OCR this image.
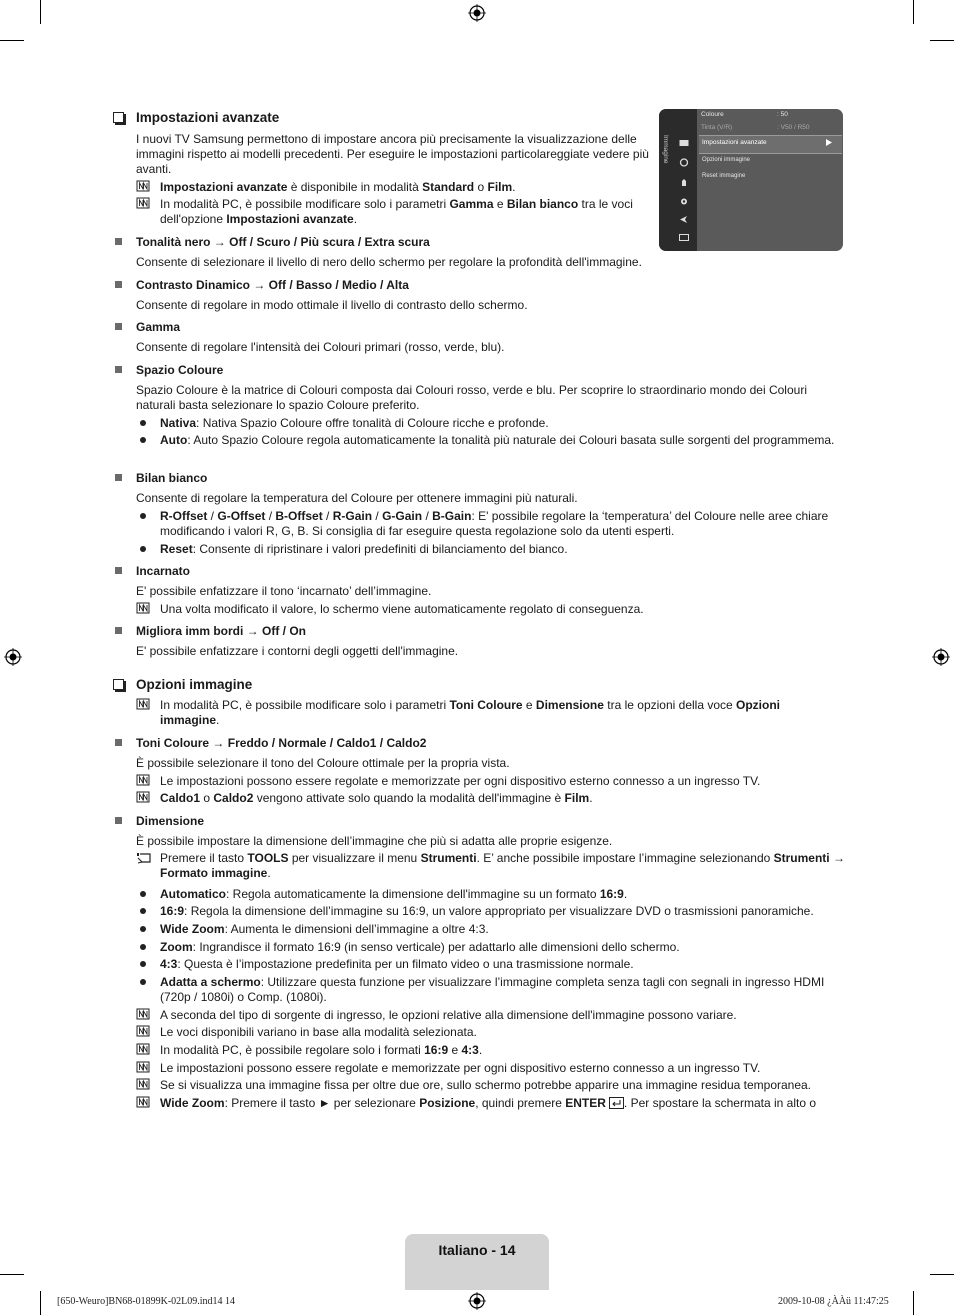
Immagine
Coloure	: 50
Tinta (V/R)	: V50 / R50
Impostazioni avanzate
Opzioni immagine
Reset immagine
Impostazioni avanzate
I nuovi TV Samsung permettono di impostare ancora più precisamente la visualizzazione delle immagini rispetto ai modelli precedenti. Per eseguire le impostazioni particolareggiate vedere più avanti.
Impostazioni avanzate è disponibile in modalità Standard o Film.
In modalità PC, è possibile modificare solo i parametri Gamma e Bilan bianco tra le voci dell'opzione Impostazioni avanzate.
Tonalità nero → Off / Scuro / Più scura / Extra scura
Consente di selezionare il livello di nero dello schermo per regolare la profondità dell'immagine.
Contrasto Dinamico → Off / Basso / Medio / Alta
Consente di regolare in modo ottimale il livello di contrasto dello schermo.
Gamma
Consente di regolare l'intensità dei Colouri primari (rosso, verde, blu).
Spazio Coloure
Spazio Coloure è la matrice di Colouri composta dai Colouri rosso, verde e blu. Per scoprire lo straordinario mondo dei Colouri naturali basta selezionare lo spazio Coloure preferito.
Nativa: Nativa Spazio Coloure offre tonalità di Coloure ricche e profonde.
Auto: Auto Spazio Coloure regola automaticamente la tonalità più naturale dei Colouri basata sulle sorgenti del programmema.
Bilan bianco
Consente di regolare la temperatura del Coloure per ottenere immagini più naturali.
R-Offset / G-Offset / B-Offset / R-Gain / G-Gain / B-Gain: E' possibile regolare la ‘temperatura’ del Coloure nelle aree chiare modificando i valori R, G, B. Si consiglia di far eseguire questa regolazione solo da utenti esperti.
Reset: Consente di ripristinare i valori predefiniti di bilanciamento del bianco.
Incarnato
E' possibile enfatizzare il tono ‘incarnato’ dell’immagine.
Una volta modificato il valore, lo schermo viene automaticamente regolato di conseguenza.
Migliora imm bordi → Off / On
E' possibile enfatizzare i contorni degli oggetti dell'immagine.
Opzioni immagine
In modalità PC, è possibile modificare solo i parametri Toni Coloure e Dimensione tra le opzioni della voce Opzioni immagine.
Toni Coloure → Freddo / Normale / Caldo1 / Caldo2
È possibile selezionare il tono del Coloure ottimale per la propria vista.
Le impostazioni possono essere regolate e memorizzate per ogni dispositivo esterno connesso a un ingresso TV.
Caldo1 o Caldo2 vengono attivate solo quando la modalità dell'immagine è Film.
Dimensione
È possibile impostare la dimensione dell’immagine che più si adatta alle proprie esigenze.
Premere il tasto TOOLS per visualizzare il menu Strumenti. E’ anche possibile impostare l’immagine selezionando Strumenti → Formato immagine.
Automatico: Regola automaticamente la dimensione dell'immagine su un formato 16:9.
16:9: Regola la dimensione dell’immagine su 16:9, un valore appropriato per visualizzare DVD o trasmissioni panoramiche.
Wide Zoom: Aumenta le dimensioni dell’immagine a oltre 4:3.
Zoom: Ingrandisce il formato 16:9 (in senso verticale) per adattarlo alle dimensioni dello schermo.
4:3: Questa è l’impostazione predefinita per un filmato video o una trasmissione normale.
Adatta a schermo: Utilizzare questa funzione per visualizzare l’immagine completa senza tagli con segnali in ingresso HDMI (720p / 1080i) o Comp. (1080i).
A seconda del tipo di sorgente di ingresso, le opzioni relative alla dimensione dell'immagine possono variare.
Le voci disponibili variano in base alla modalità selezionata.
In modalità PC, è possibile regolare solo i formati 16:9 e 4:3.
Le impostazioni possono essere regolate e memorizzate per ogni dispositivo esterno connesso a un ingresso TV.
Se si visualizza una immagine fissa per oltre due ore, sullo schermo potrebbe apparire una immagine residua temporanea.
Wide Zoom: Premere il tasto ► per selezionare Posizione, quindi premere ENTER . Per spostare la schermata in alto o
Italiano - 14
[650-Weuro]BN68-01899K-02L09.ind14 14	2009-10-08 ¿ÀÀü 11:47:25
